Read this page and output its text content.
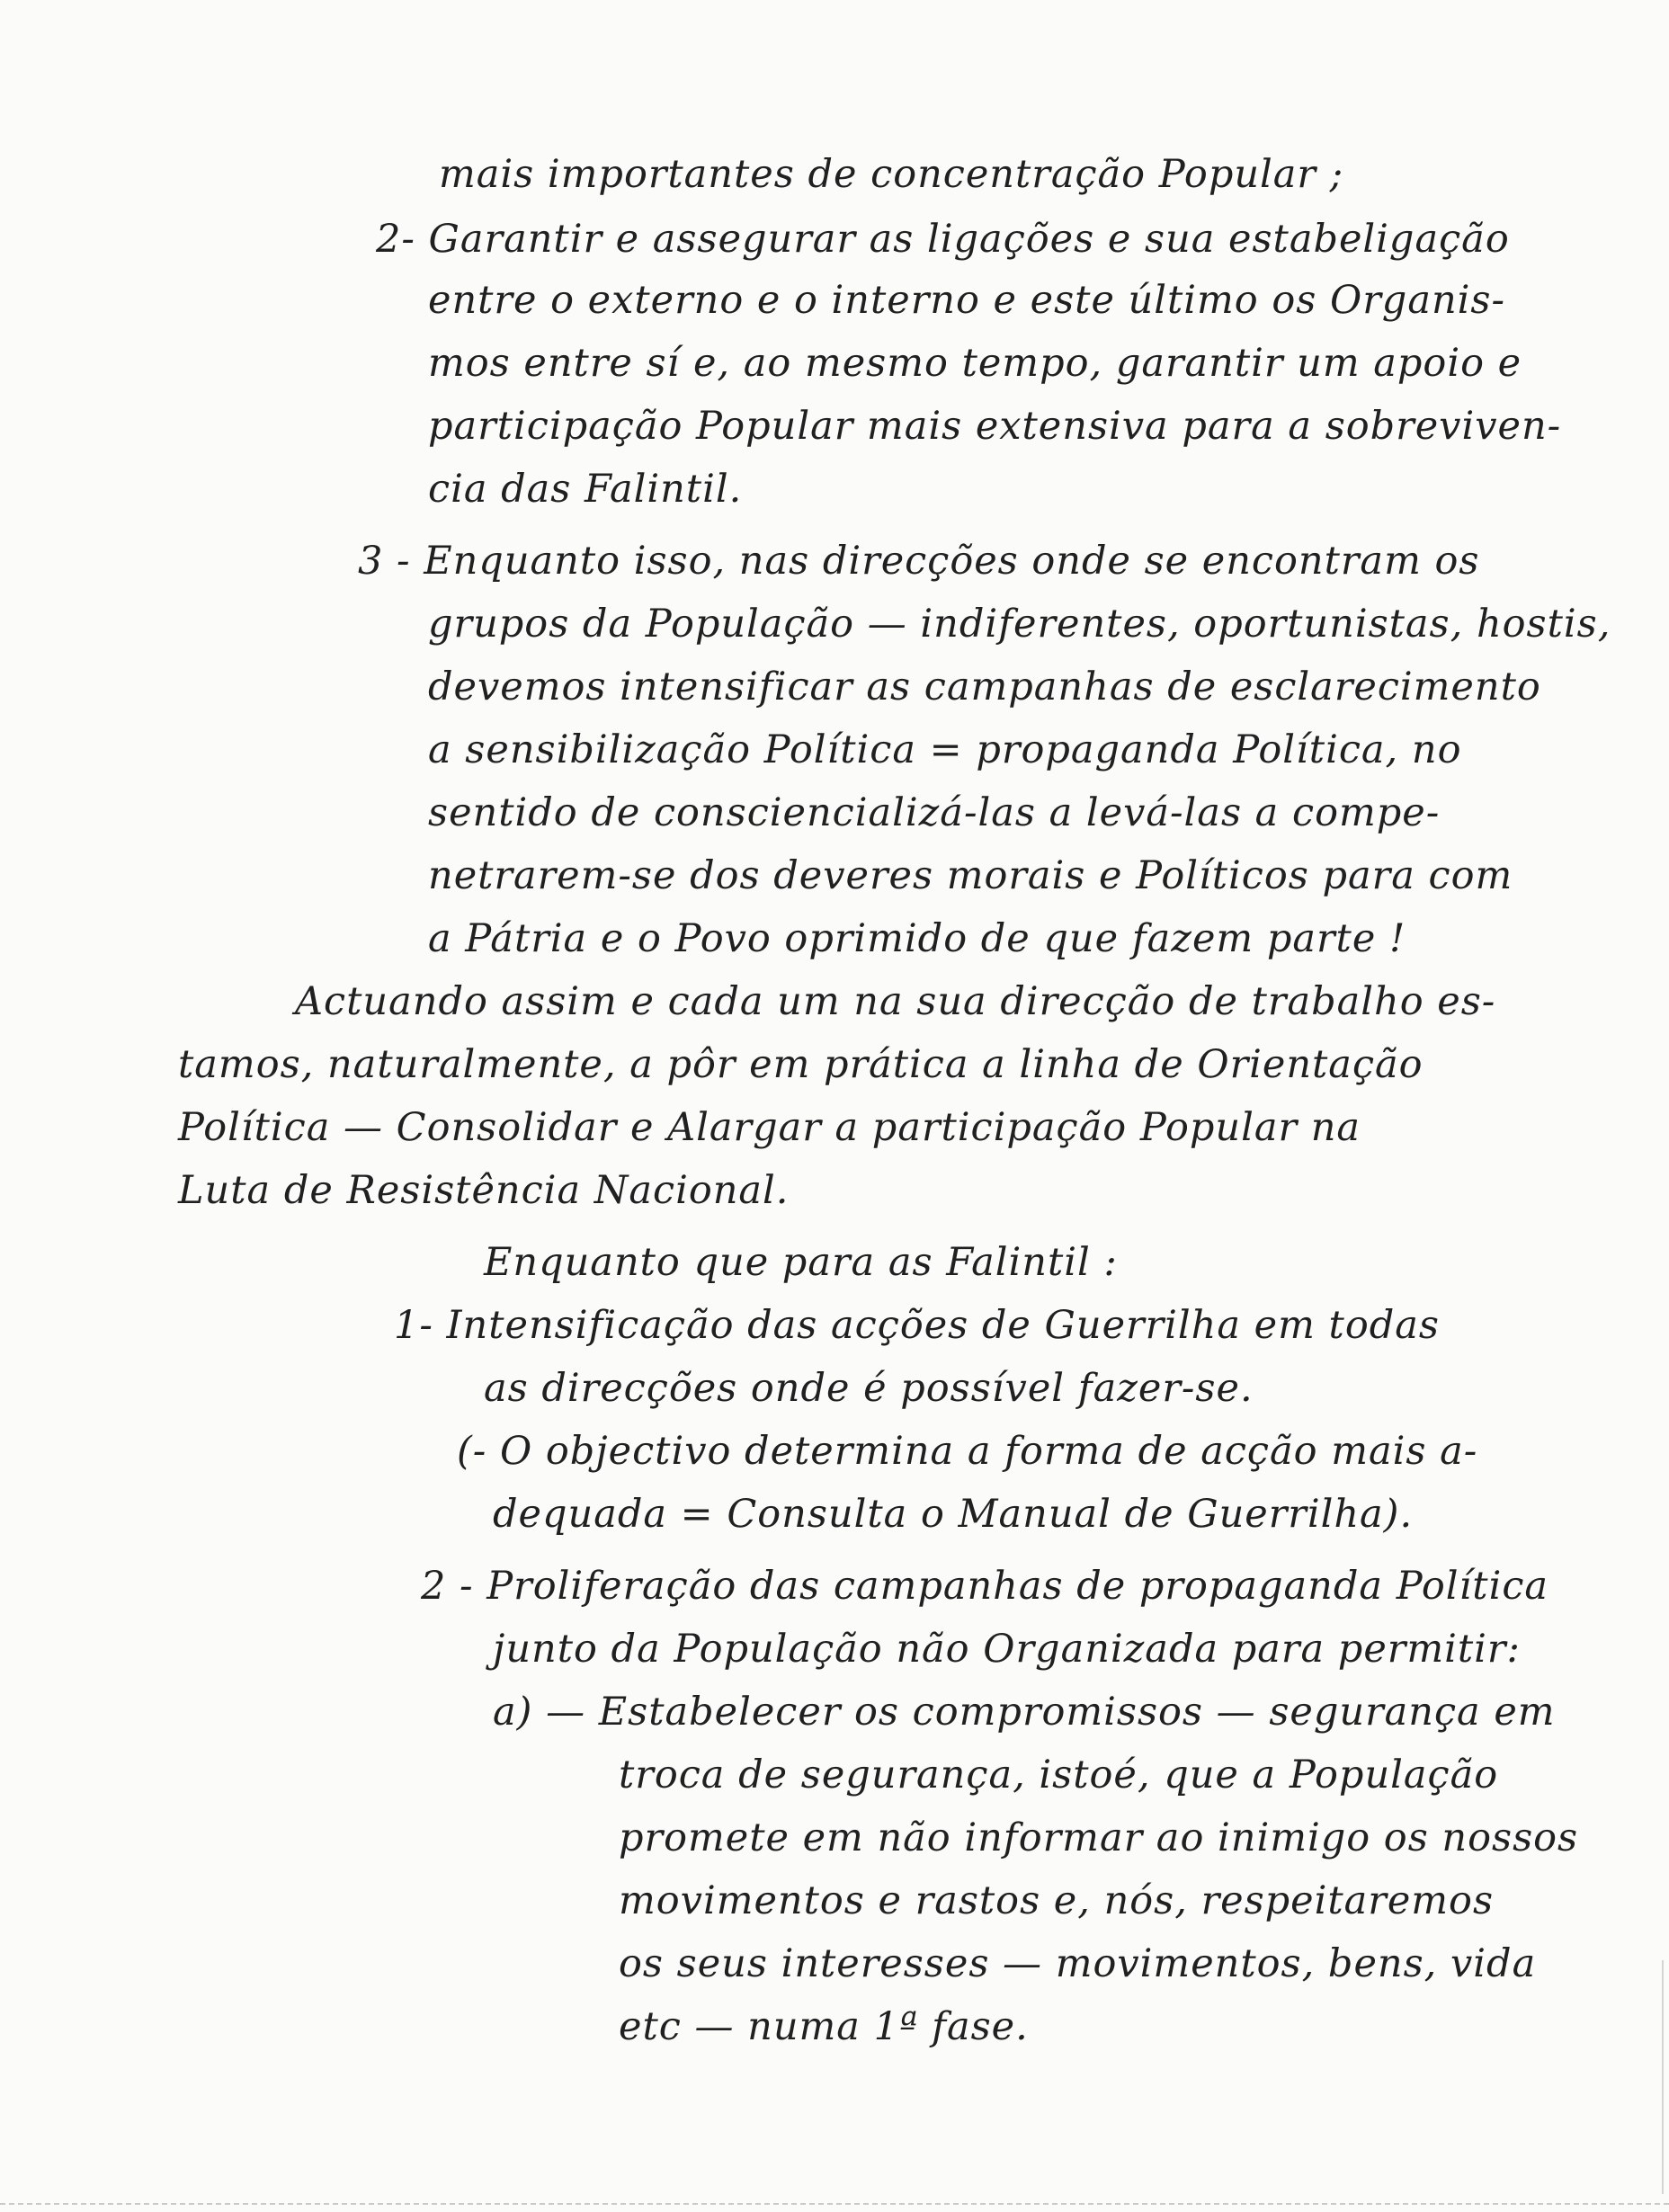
mais importantes de concentração Popular ;
2- Garantir e assegurar as ligações e sua estabeligação
entre o externo e o interno e este último os Organis-
mos entre sí e, ao mesmo tempo, garantir um apoio e
participação Popular mais extensiva para a sobreviven-
cia das Falintil.
3 - Enquanto isso, nas direcções onde se encontram os
grupos da População — indiferentes, oportunistas, hostis,
devemos intensificar as campanhas de esclarecimento
a sensibilização Política = propaganda Política, no
sentido de consciencializá-las a levá-las a compe-
netrarem-se dos deveres morais e Políticos para com
a Pátria e o Povo oprimido de que fazem parte !
Actuando assim e cada um na sua direcção de trabalho es-
tamos, naturalmente, a pôr em prática a linha de Orientação
Política — Consolidar e Alargar a participação Popular na
Luta de Resistência Nacional.
Enquanto que para as Falintil :
1- Intensificação das acções de Guerrilha em todas
as direcções onde é possível fazer-se.
(- O objectivo determina a forma de acção mais a-
dequada = Consulta o Manual de Guerrilha).
2 - Proliferação das campanhas de propaganda Política
junto da População não Organizada para permitir:
a) — Estabelecer os compromissos — segurança em
troca de segurança, istoé, que a População
promete em não informar ao inimigo os nossos
movimentos e rastos e, nós, respeitaremos
os seus interesses — movimentos, bens, vida
etc — numa 1ª fase.
